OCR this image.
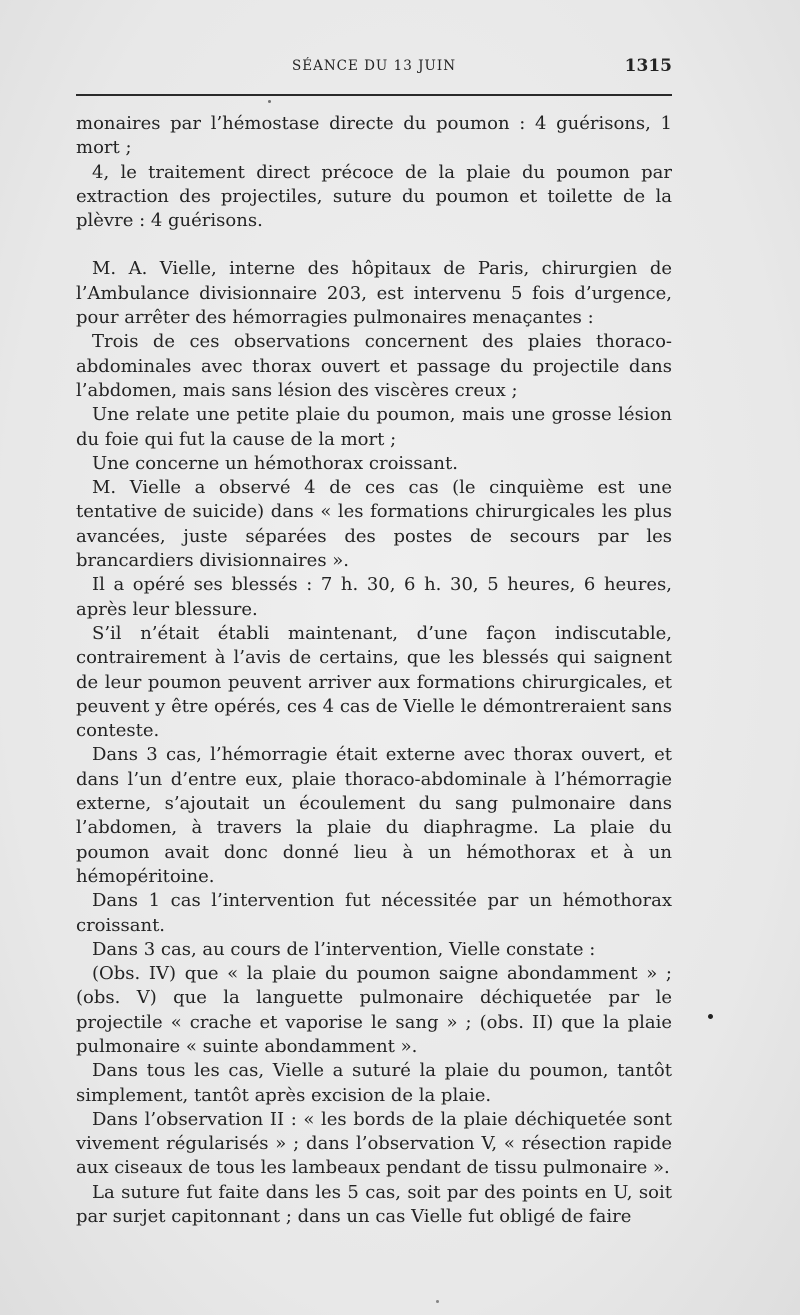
SÉANCE DU 13 JUIN	1315

monaires par l’hémostase directe du poumon : 4 guérisons, 1 mort ;

4, le traitement direct précoce de la plaie du poumon par extraction des projectiles, suture du poumon et toilette de la plèvre : 4 guérisons.

M. A. Vielle, interne des hôpitaux de Paris, chirurgien de l’Ambulance divisionnaire 203, est intervenu 5 fois d’urgence, pour arrêter des hémorragies pulmonaires menaçantes :

Trois de ces observations concernent des plaies thoraco-abdominales avec thorax ouvert et passage du projectile dans l’abdomen, mais sans lésion des viscères creux ;

Une relate une petite plaie du poumon, mais une grosse lésion du foie qui fut la cause de la mort ;

Une concerne un hémothorax croissant.

M. Vielle a observé 4 de ces cas (le cinquième est une tentative de suicide) dans « les formations chirurgicales les plus avancées, juste séparées des postes de secours par les brancardiers divisionnaires ».

Il a opéré ses blessés : 7 h. 30, 6 h. 30, 5 heures, 6 heures, après leur blessure.

S’il n’était établi maintenant, d’une façon indiscutable, contrairement à l’avis de certains, que les blessés qui saignent de leur poumon peuvent arriver aux formations chirurgicales, et peuvent y être opérés, ces 4 cas de Vielle le démontreraient sans conteste.

Dans 3 cas, l’hémorragie était externe avec thorax ouvert, et dans l’un d’entre eux, plaie thoraco-abdominale à l’hémorragie externe, s’ajoutait un écoulement du sang pulmonaire dans l’abdomen, à travers la plaie du diaphragme. La plaie du poumon avait donc donné lieu à un hémothorax et à un hémopéritoine.

Dans 1 cas l’intervention fut nécessitée par un hémothorax croissant.

Dans 3 cas, au cours de l’intervention, Vielle constate :

(Obs. IV) que « la plaie du poumon saigne abondamment » ; (obs. V) que la languette pulmonaire déchiquetée par le projectile « crache et vaporise le sang » ; (obs. II) que la plaie pulmonaire « suinte abondamment ».

Dans tous les cas, Vielle a suturé la plaie du poumon, tantôt simplement, tantôt après excision de la plaie.

Dans l’observation II : « les bords de la plaie déchiquetée sont vivement régularisés » ; dans l’observation V, « résection rapide aux ciseaux de tous les lambeaux pendant de tissu pulmonaire ».

La suture fut faite dans les 5 cas, soit par des points en U, soit par surjet capitonnant ; dans un cas Vielle fut obligé de faire
